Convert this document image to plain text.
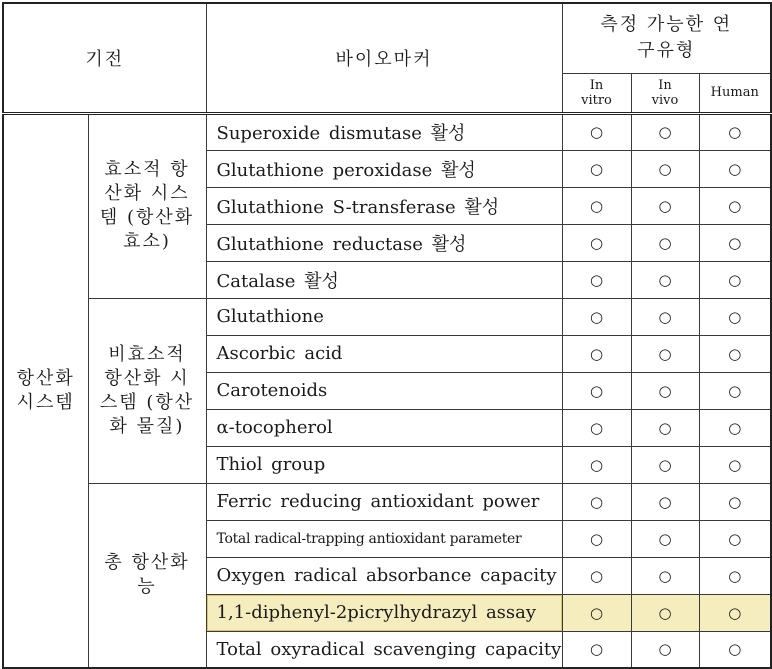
기전		바이오마커	측정 가능한 연구유형		
			In vitro	In vivo	Human
항산화 시스템	효소적 항산화 시스템 (항산화효소)	Superoxide dismutase 활성	○	○	○
		Glutathione peroxidase 활성	○	○	○
		Glutathione S-transferase 활성	○	○	○
		Glutathione reductase 활성	○	○	○
		Catalase 활성	○	○	○
	비효소적 항산화 시스템 (항산화 물질)	Glutathione	○	○	○
		Ascorbic acid	○	○	○
		Carotenoids	○	○	○
		α-tocopherol	○	○	○
		Thiol group	○	○	○
	총 항산화능	Ferric reducing antioxidant power	○	○	○
		Total radical-trapping antioxidant parameter	○	○	○
		Oxygen radical absorbance capacity	○	○	○
		1,1-diphenyl-2picrylhydrazyl assay	○	○	○
		Total oxyradical scavenging capacity	○	○	○
